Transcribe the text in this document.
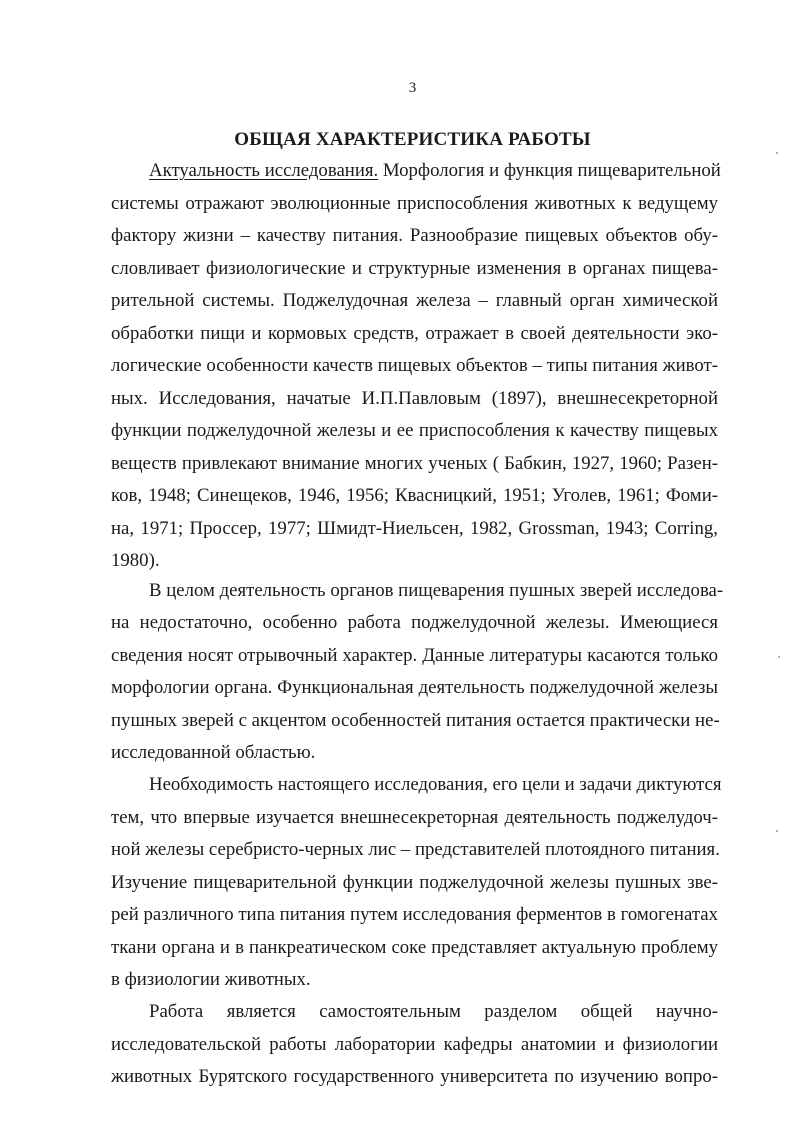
3
ОБЩАЯ ХАРАКТЕРИСТИКА РАБОТЫ
Актуальность исследования. Морфология и функция пищеварительной
системы отражают эволюционные приспособления животных к ведущему
фактору жизни – качеству питания. Разнообразие пищевых объектов обу-
словливает физиологические и структурные изменения в органах пищева-
рительной системы. Поджелудочная железа – главный орган химической
обработки пищи и кормовых средств, отражает в своей деятельности эко-
логические особенности качеств пищевых объектов – типы питания живот-
ных. Исследования, начатые И.П.Павловым (1897), внешнесекреторной
функции поджелудочной железы и ее приспособления к качеству пищевых
веществ привлекают внимание многих ученых ( Бабкин, 1927, 1960; Разен-
ков, 1948; Синещеков, 1946, 1956; Квасницкий, 1951; Уголев, 1961; Фоми-
на, 1971; Проссер, 1977; Шмидт-Ниельсен, 1982, Grossman, 1943; Corring,
1980).
В целом деятельность органов пищеварения пушных зверей исследова-
на недостаточно, особенно работа поджелудочной железы. Имеющиеся
сведения носят отрывочный характер. Данные литературы касаются только
морфологии органа. Функциональная деятельность поджелудочной железы
пушных зверей с акцентом особенностей питания остается практически не-
исследованной областью.
Необходимость настоящего исследования, его цели и задачи диктуются
тем, что впервые изучается внешнесекреторная деятельность поджелудоч-
ной железы серебристо-черных лис – представителей плотоядного питания.
Изучение пищеварительной функции поджелудочной железы пушных зве-
рей различного типа питания путем исследования ферментов в гомогенатах
ткани органа и в панкреатическом соке представляет актуальную проблему
в физиологии животных.
Работа является самостоятельным разделом общей научно-
исследовательской работы лаборатории кафедры анатомии и физиологии
животных Бурятского государственного университета по изучению вопро-
